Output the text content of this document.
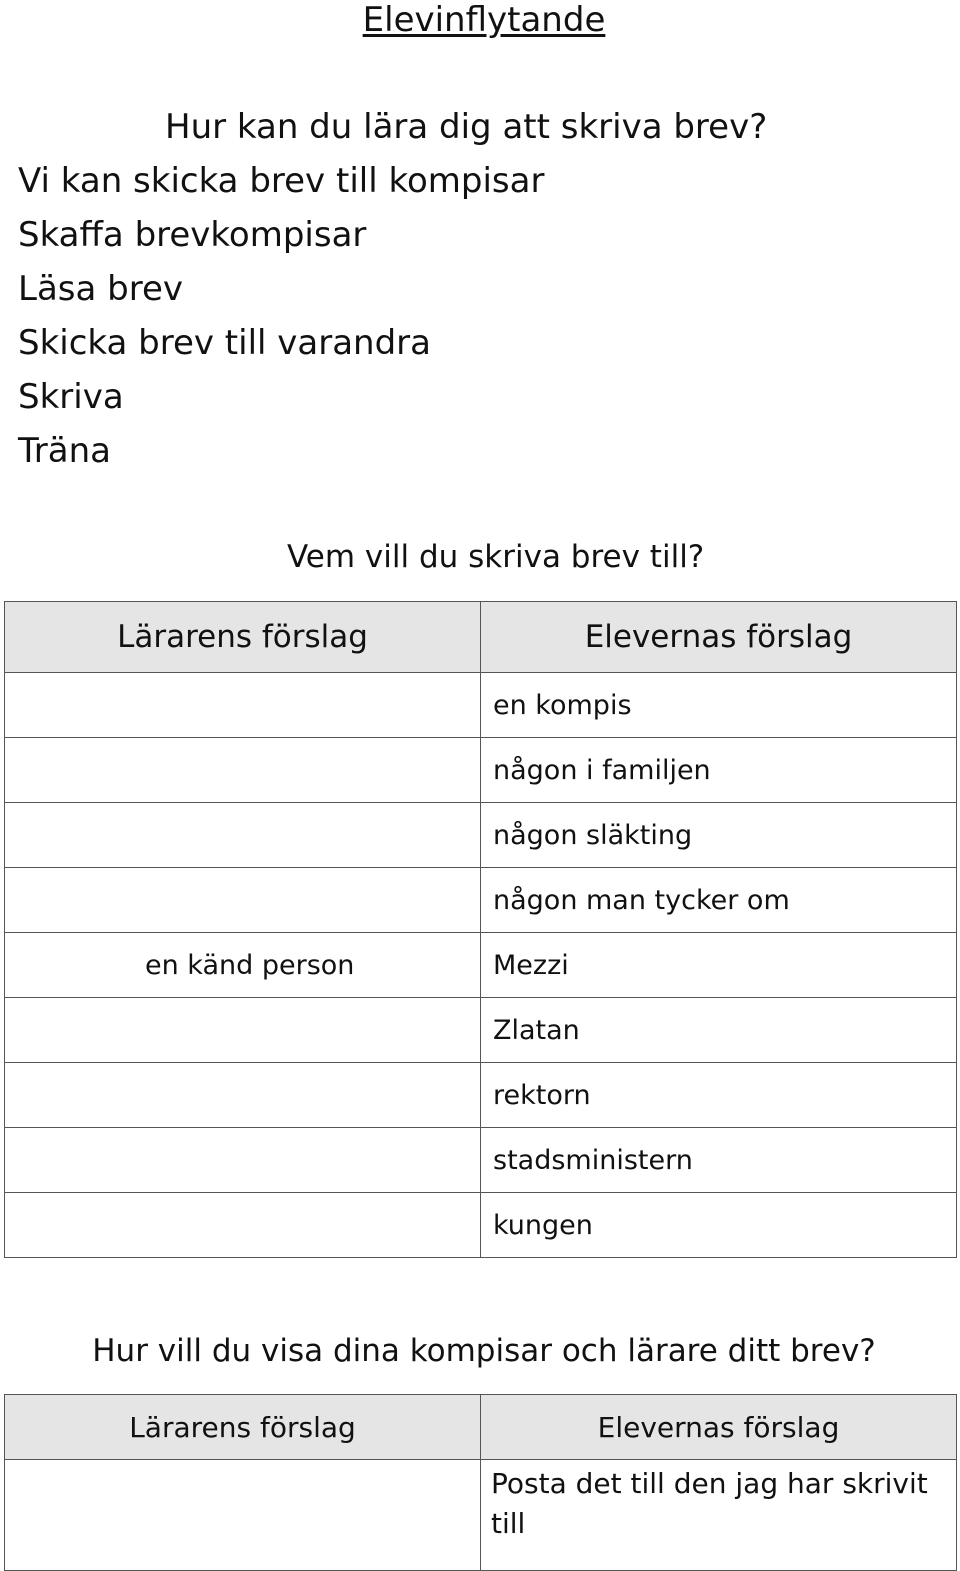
Elevinflytande
Hur kan du lära dig att skriva brev?
Vi kan skicka brev till kompisar
Skaffa brevkompisar
Läsa brev
Skicka brev till varandra
Skriva
Träna
Vem vill du skriva brev till?
Lärarens förslag	Elevernas förslag
	en kompis
	någon i familjen
	någon släkting
	någon man tycker om
en känd person	Mezzi
	Zlatan
	rektorn
	stadsministern
	kungen
Hur vill du visa dina kompisar och lärare ditt brev?
Lärarens förslag	Elevernas förslag
	Posta det till den jag har skrivit till
